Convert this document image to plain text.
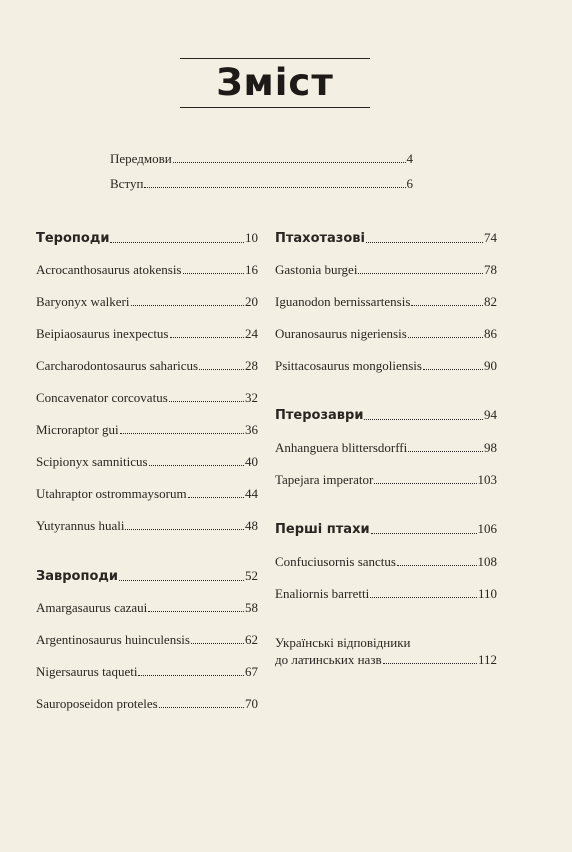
Зміст
Передмови	4
Вступ	6
Тероподи	10
Acrocanthosaurus atokensis	16
Baryonyx walkeri	20
Beipiaosaurus inexpectus	24
Carcharodontosaurus saharicus	28
Concavenator corcovatus	32
Microraptor gui	36
Scipionyx samniticus	40
Utahraptor ostrommaysorum	44
Yutyrannus huali	48
Завроподи	52
Amargasaurus cazaui	58
Argentinosaurus huinculensis	62
Nigersaurus taqueti	67
Sauroposeidon proteles	70
Птахотазові	74
Gastonia burgei	78
Iguanodon bernissartensis	82
Ouranosaurus nigeriensis	86
Psittacosaurus mongoliensis	90
Птерозаври	94
Anhanguera blittersdorffi	98
Tapejara imperator	103
Перші птахи	106
Confuciusornis sanctus	108
Enaliornis barretti	110
Українські відповідники
до латинських назв	112
